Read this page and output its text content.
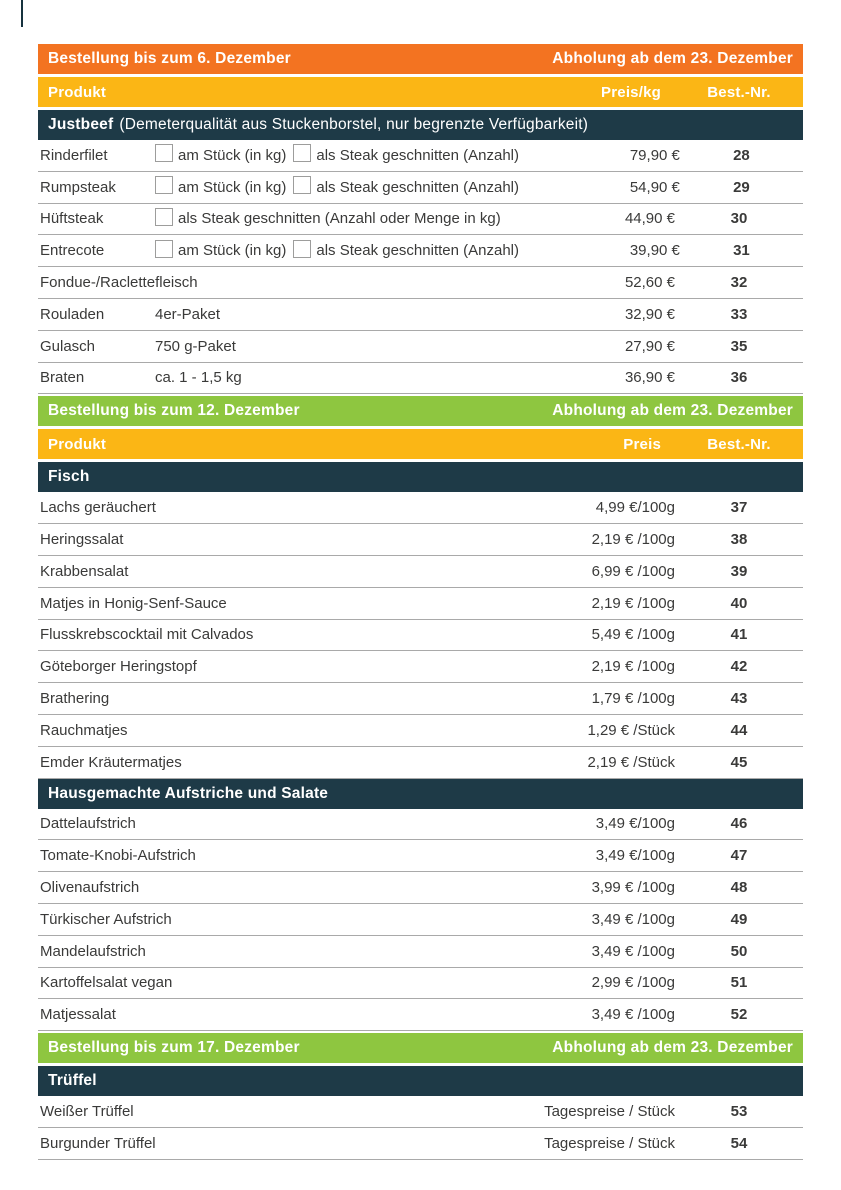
Bestellung bis zum 6. Dezember	Abholung ab dem 23. Dezember
Produkt	Preis/kg	Best.-Nr.
Justbeef (Demeterqualität aus Stuckenborstel, nur begrenzte Verfügbarkeit)
Rinderfilet	am Stück (in kg) als Steak geschnitten (Anzahl)	79,90 €	28
Rumpsteak	am Stück (in kg) als Steak geschnitten (Anzahl)	54,90 €	29
Hüftsteak	als Steak geschnitten (Anzahl oder Menge in kg)	44,90 €	30
Entrecote	am Stück (in kg) als Steak geschnitten (Anzahl)	39,90 €	31
Fondue-/Raclettefleisch	52,60 €	32
Rouladen	4er-Paket	32,90 €	33
Gulasch	750 g-Paket	27,90 €	35
Braten	ca. 1 - 1,5 kg	36,90 €	36
Bestellung bis zum 12. Dezember	Abholung ab dem 23. Dezember
Produkt	Preis	Best.-Nr.
Fisch
Lachs geräuchert	4,99 €/100g	37
Heringssalat	2,19 € /100g	38
Krabbensalat	6,99 € /100g	39
Matjes in Honig-Senf-Sauce	2,19 € /100g	40
Flusskrebscocktail mit Calvados	5,49 € /100g	41
Göteborger Heringstopf	2,19 € /100g	42
Brathering	1,79 € /100g	43
Rauchmatjes	1,29 € /Stück	44
Emder Kräutermatjes	2,19 € /Stück	45
Hausgemachte Aufstriche und Salate
Dattelaufstrich	3,49 €/100g	46
Tomate-Knobi-Aufstrich	3,49 €/100g	47
Olivenaufstrich	3,99 € /100g	48
Türkischer Aufstrich	3,49 € /100g	49
Mandelaufstrich	3,49 € /100g	50
Kartoffelsalat vegan	2,99 € /100g	51
Matjessalat	3,49 € /100g	52
Bestellung bis zum 17. Dezember	Abholung ab dem 23. Dezember
Trüffel
Weißer Trüffel	Tagespreise / Stück	53
Burgunder Trüffel	Tagespreise / Stück	54
